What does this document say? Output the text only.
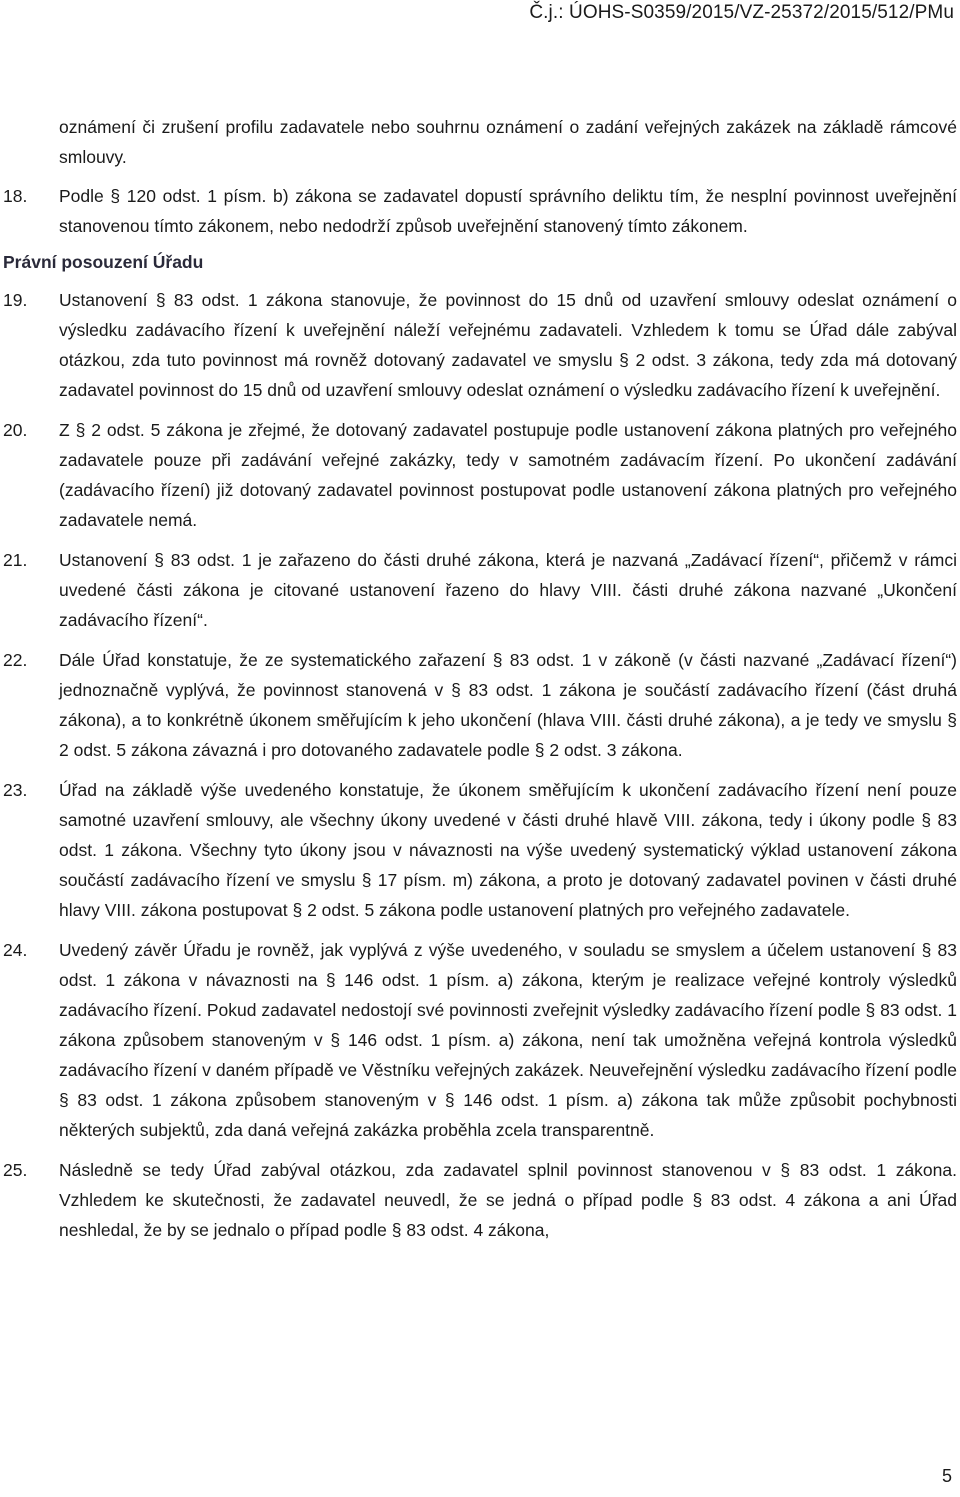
Č.j.: ÚOHS-S0359/2015/VZ-25372/2015/512/PMu

oznámení či zrušení profilu zadavatele nebo souhrnu oznámení o zadání veřejných zakázek na základě rámcové smlouvy.

18. Podle § 120 odst. 1 písm. b) zákona se zadavatel dopustí správního deliktu tím, že nesplní povinnost uveřejnění stanovenou tímto zákonem, nebo nedodrží způsob uveřejnění stanovený tímto zákonem.
Právní posouzení Úřadu
19. Ustanovení § 83 odst. 1 zákona stanovuje, že povinnost do 15 dnů od uzavření smlouvy odeslat oznámení o výsledku zadávacího řízení k uveřejnění náleží veřejnému zadavateli. Vzhledem k tomu se Úřad dále zabýval otázkou, zda tuto povinnost má rovněž dotovaný zadavatel ve smyslu § 2 odst. 3 zákona, tedy zda má dotovaný zadavatel povinnost do 15 dnů od uzavření smlouvy odeslat oznámení o výsledku zadávacího řízení k uveřejnění.
20. Z § 2 odst. 5 zákona je zřejmé, že dotovaný zadavatel postupuje podle ustanovení zákona platných pro veřejného zadavatele pouze při zadávání veřejné zakázky, tedy v samotném zadávacím řízení. Po ukončení zadávání (zadávacího řízení) již dotovaný zadavatel povinnost postupovat podle ustanovení zákona platných pro veřejného zadavatele nemá.
21. Ustanovení § 83 odst. 1 je zařazeno do části druhé zákona, která je nazvaná „Zadávací řízení“, přičemž v rámci uvedené části zákona je citované ustanovení řazeno do hlavy VIII. části druhé zákona nazvané „Ukončení zadávacího řízení“.
22. Dále Úřad konstatuje, že ze systematického zařazení § 83 odst. 1 v zákoně (v části nazvané „Zadávací řízení“) jednoznačně vyplývá, že povinnost stanovená v § 83 odst. 1 zákona je součástí zadávacího řízení (část druhá zákona), a to konkrétně úkonem směřujícím k jeho ukončení (hlava VIII. části druhé zákona), a je tedy ve smyslu § 2 odst. 5 zákona závazná i pro dotovaného zadavatele podle § 2 odst. 3 zákona.
23. Úřad na základě výše uvedeného konstatuje, že úkonem směřujícím k ukončení zadávacího řízení není pouze samotné uzavření smlouvy, ale všechny úkony uvedené v části druhé hlavě VIII. zákona, tedy i úkony podle § 83 odst. 1 zákona. Všechny tyto úkony jsou v návaznosti na výše uvedený systematický výklad ustanovení zákona součástí zadávacího řízení ve smyslu § 17 písm. m) zákona, a proto je dotovaný zadavatel povinen v části druhé hlavy VIII. zákona postupovat § 2 odst. 5 zákona podle ustanovení platných pro veřejného zadavatele.
24. Uvedený závěr Úřadu je rovněž, jak vyplývá z výše uvedeného, v souladu se smyslem a účelem ustanovení § 83 odst. 1 zákona v návaznosti na § 146 odst. 1 písm. a) zákona, kterým je realizace veřejné kontroly výsledků zadávacího řízení. Pokud zadavatel nedostojí své povinnosti zveřejnit výsledky zadávacího řízení podle § 83 odst. 1 zákona způsobem stanoveným v § 146 odst. 1 písm. a) zákona, není tak umožněna veřejná kontrola výsledků zadávacího řízení v daném případě ve Věstníku veřejných zakázek. Neuveřejnění výsledku zadávacího řízení podle § 83 odst. 1 zákona způsobem stanoveným v § 146 odst. 1 písm. a) zákona tak může způsobit pochybnosti některých subjektů, zda daná veřejná zakázka proběhla zcela transparentně.
25. Následně se tedy Úřad zabýval otázkou, zda zadavatel splnil povinnost stanovenou v § 83 odst. 1 zákona. Vzhledem ke skutečnosti, že zadavatel neuvedl, že se jedná o případ podle § 83 odst. 4 zákona a ani Úřad neshledal, že by se jednalo o případ podle § 83 odst. 4 zákona,
5
